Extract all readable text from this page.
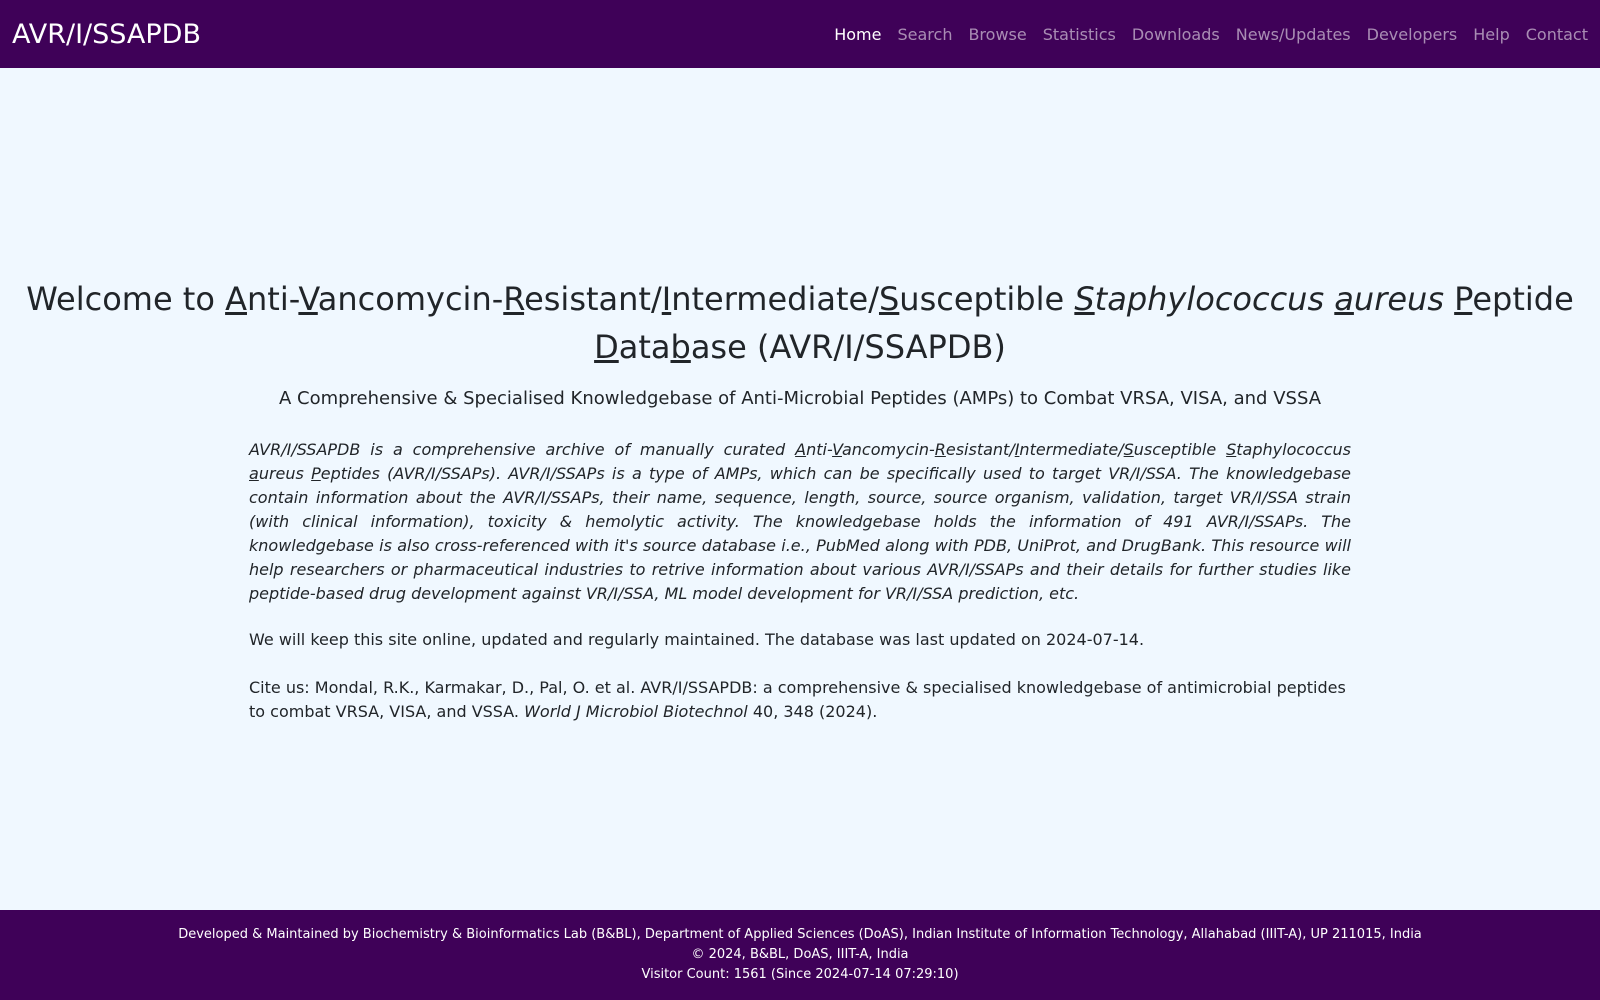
AVR/I/SSAPDB	Home Search Browse Statistics Downloads News/Updates Developers Help Contact
Welcome to Anti-Vancomycin-Resistant/Intermediate/Susceptible Staphylococcus aureus Peptide Database (AVR/I/SSAPDB)

A Comprehensive & Specialised Knowledgebase of Anti-Microbial Peptides (AMPs) to Combat VRSA, VISA, and VSSA

AVR/I/SSAPDB is a comprehensive archive of manually curated Anti-Vancomycin-Resistant/Intermediate/Susceptible Staphylococcus aureus Peptides (AVR/I/SSAPs). AVR/I/SSAPs is a type of AMPs, which can be specifically used to target VR/I/SSA. The knowledgebase contain information about the AVR/I/SSAPs, their name, sequence, length, source, source organism, validation, target VR/I/SSA strain (with clinical information), toxicity & hemolytic activity. The knowledgebase holds the information of 491 AVR/I/SSAPs. The knowledgebase is also cross-referenced with it's source database i.e., PubMed along with PDB, UniProt, and DrugBank. This resource will help researchers or pharmaceutical industries to retrive information about various AVR/I/SSAPs and their details for further studies like peptide-based drug development against VR/I/SSA, ML model development for VR/I/SSA prediction, etc.

We will keep this site online, updated and regularly maintained. The database was last updated on 2024-07-14.

Cite us: Mondal, R.K., Karmakar, D., Pal, O. et al. AVR/I/SSAPDB: a comprehensive & specialised knowledgebase of antimicrobial peptides to combat VRSA, VISA, and VSSA. World J Microbiol Biotechnol 40, 348 (2024).

Developed & Maintained by Biochemistry & Bioinformatics Lab (B&BL), Department of Applied Sciences (DoAS), Indian Institute of Information Technology, Allahabad (IIIT-A), UP 211015, India
© 2024, B&BL, DoAS, IIIT-A, India
Visitor Count: 1561 (Since 2024-07-14 07:29:10)
